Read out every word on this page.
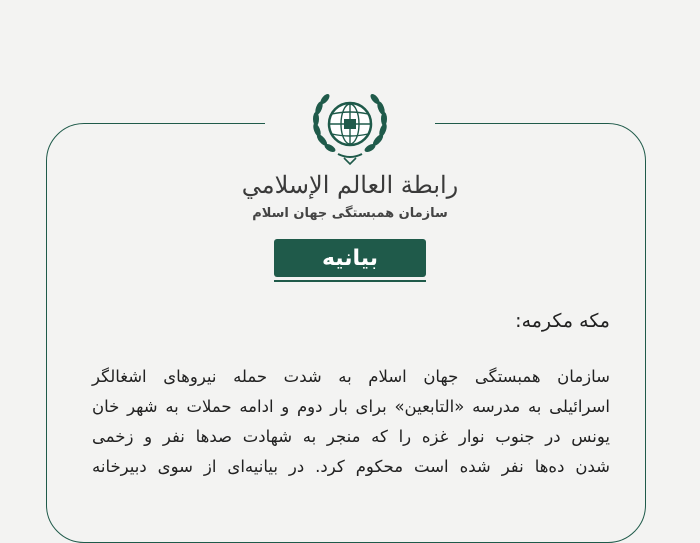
رابطة العالم الإسلامي
سازمان همبستگی جهان اسلام
بیانیه
مکه مکرمه:
سازمان همبستگی جهان اسلام به شدت حمله نیروهای اشغالگر
اسرائیلی به مدرسه «التابعین» برای بار دوم و ادامه حملات به شهر خان
یونس در جنوب نوار غزه را که منجر به شهادت صدها نفر و زخمی
شدن ده‌ها نفر شده است محکوم کرد. در بیانیه‌ای از سوی دبیرخانه
